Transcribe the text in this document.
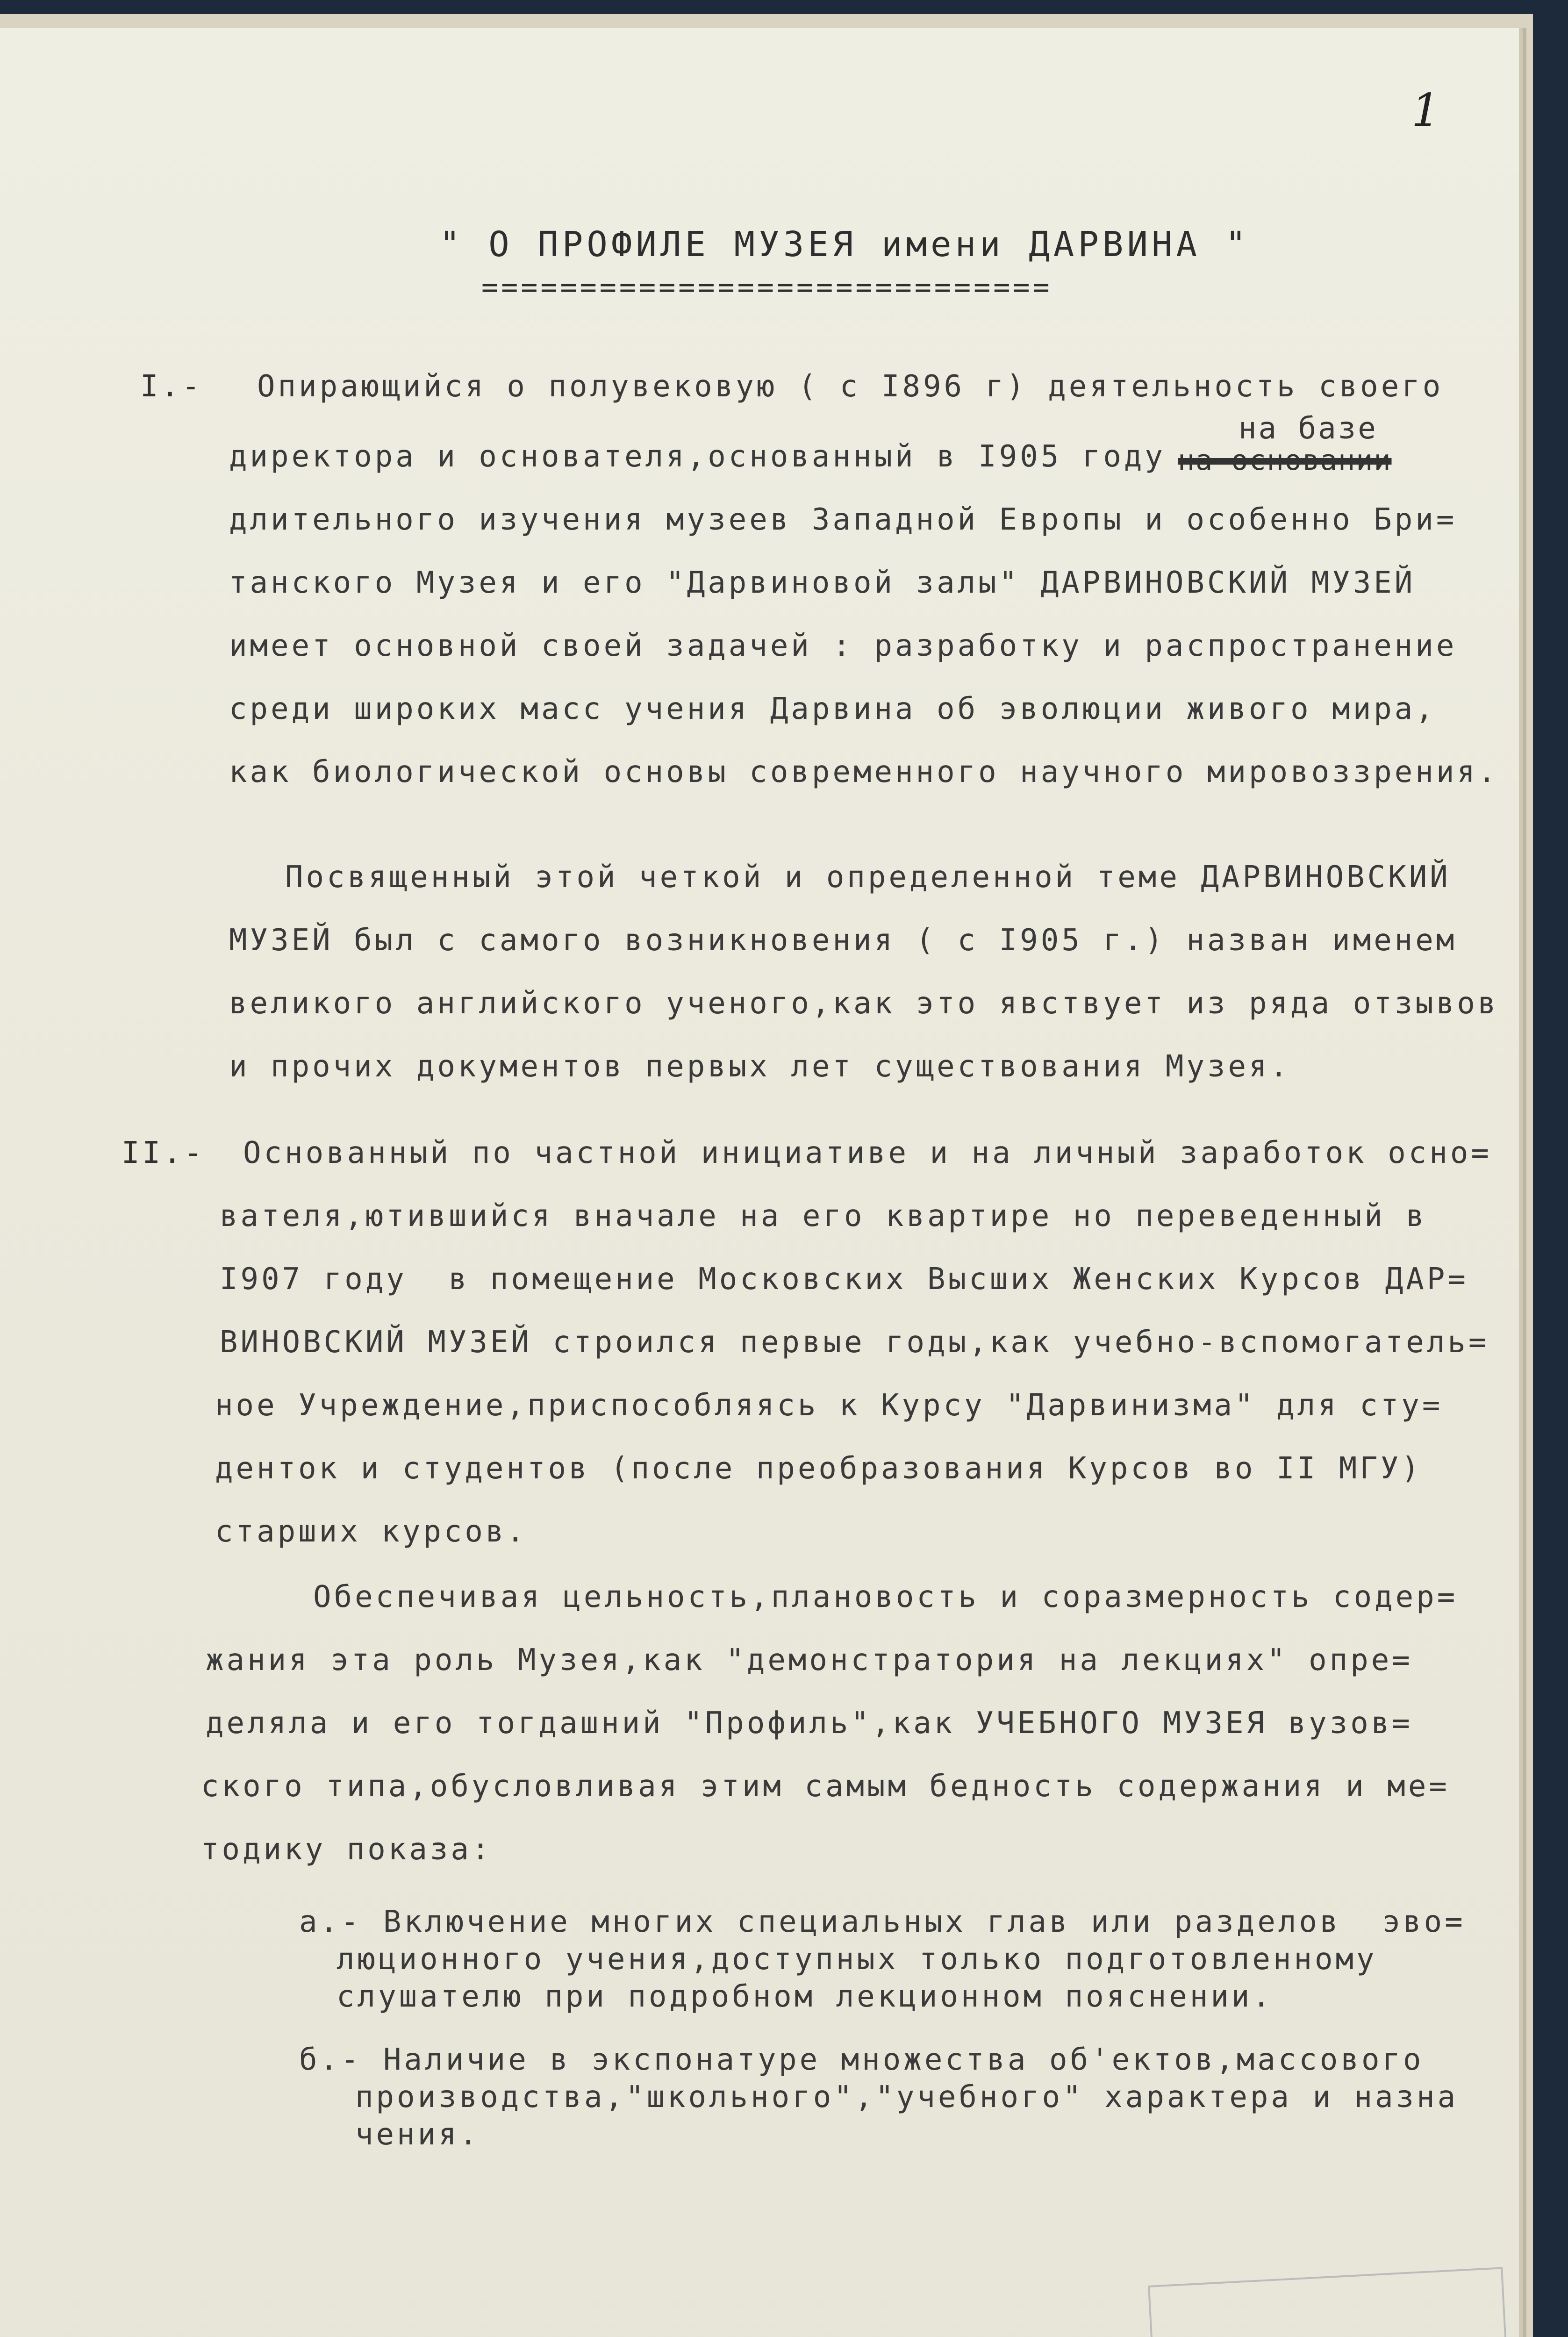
1
" О ПРОФИЛЕ МУЗЕЯ имени ДАРВИНА "
=============================
I.- Опирающийся о полувековую ( с I896 г) деятельность своего
на базе
директора и основателя,основанный в I905 году на основании
длительного изучения музеев Западной Европы и особенно Бри=
танского Музея и его "Дарвиновой залы" ДАРВИНОВСКИЙ МУЗЕЙ
имеет основной своей задачей : разработку и распространение
среди широких масс учения Дарвина об эволюции живого мира,
как биологической основы современного научного мировоззрения.
Посвященный этой четкой и определенной теме ДАРВИНОВСКИЙ
МУЗЕЙ был с самого возникновения ( с I905 г.) назван именем
великого английского ученого,как это явствует из ряда отзывов
и прочих документов первых лет существования Музея.
II.- Основанный по частной инициативе и на личный заработок осно=
вателя,ютившийся вначале на его квартире но переведенный в
I907 году  в помещение Московских Высших Женских Курсов ДАР=
ВИНОВСКИЙ МУЗЕЙ строился первые годы,как учебно-вспомогатель=
ное Учреждение,приспособляясь к Курсу "Дарвинизма" для сту=
денток и студентов (после преобразования Курсов во II МГУ)
старших курсов.
Обеспечивая цельность,плановость и соразмерность содер=
жания эта роль Музея,как "демонстратория на лекциях" опре=
деляла и его тогдашний "Профиль",как УЧЕБНОГО МУЗЕЯ вузов=
ского типа,обусловливая этим самым бедность содержания и ме=
тодику показа:
а.- Включение многих специальных глав или разделов  эво=
люционного учения,доступных только подготовленному
слушателю при подробном лекционном пояснении.
б.- Наличие в экспонатуре множества об'ектов,массового
производства,"школьного","учебного" характера и назна
чения.
